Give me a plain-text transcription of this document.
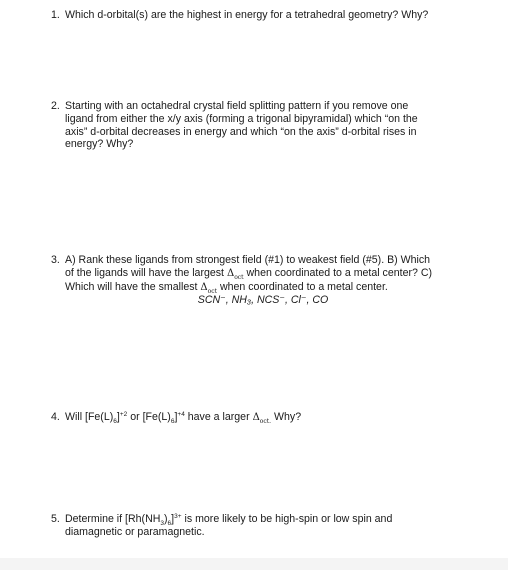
1. Which d-orbital(s) are the highest in energy for a tetrahedral geometry? Why?
2. Starting with an octahedral crystal field splitting pattern if you remove one
ligand from either the x/y axis (forming a trigonal bipyramidal) which “on the
axis” d-orbital decreases in energy and which “on the axis” d-orbital rises in
energy? Why?
3. A) Rank these ligands from strongest field (#1) to weakest field (#5). B) Which
of the ligands will have the largest $\Delta_{oct}$ when coordinated to a metal center? C)
Which will have the smallest $\Delta_{oct}$ when coordinated to a metal center.
SCN⁻, NH₃, NCS⁻, Cl⁻, CO
4. Will $[Fe(L)_6]^{+2}$ or $[Fe(L)_6]^{+4}$ have a larger $\Delta_{oct.}$ Why?
5. Determine if $[Rh(NH_3)_6]^{3+}$ is more likely to be high-spin or low spin and
diamagnetic or paramagnetic.
